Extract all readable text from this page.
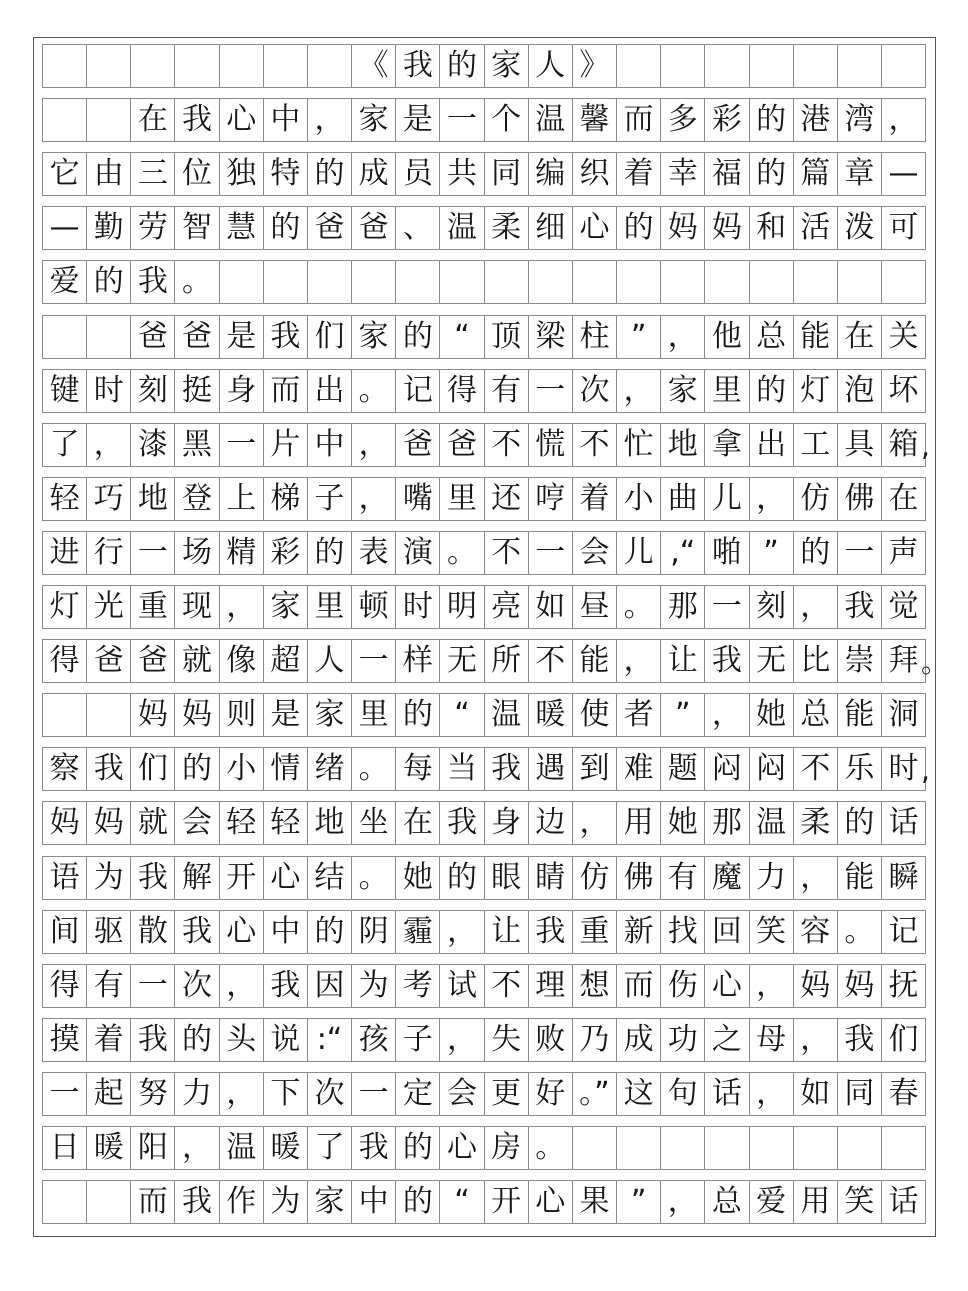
《 我 的 家 人 》
在 我 心 中 ， 家 是 一 个 温 馨 而 多 彩 的 港 湾 ，
它 由 三 位 独 特 的 成 员 共 同 编 织 着 幸 福 的 篇 章 —
— 勤 劳 智 慧 的 爸 爸 、 温 柔 细 心 的 妈 妈 和 活 泼 可
爱 的 我 。
爸 爸 是 我 们 家 的 “ 顶 梁 柱 ” ， 他 总 能 在 关
键 时 刻 挺 身 而 出 。 记 得 有 一 次 ， 家 里 的 灯 泡 坏
了 ， 漆 黑 一 片 中 ， 爸 爸 不 慌 不 忙 地 拿 出 工 具 箱
轻 巧 地 登 上 梯 子 ， 嘴 里 还 哼 着 小 曲 儿 ， 仿 佛 在
进 行 一 场 精 彩 的 表 演 。 不 一 会 儿 ,“ 啪 ” 的 一 声
灯 光 重 现 ， 家 里 顿 时 明 亮 如 昼 。 那 一 刻 ， 我 觉
得 爸 爸 就 像 超 人 一 样 无 所 不 能 ， 让 我 无 比 崇 拜
妈 妈 则 是 家 里 的 “ 温 暖 使 者 ” ， 她 总 能 洞
察 我 们 的 小 情 绪 。 每 当 我 遇 到 难 题 闷 闷 不 乐 时
妈 妈 就 会 轻 轻 地 坐 在 我 身 边 ， 用 她 那 温 柔 的 话
语 为 我 解 开 心 结 。 她 的 眼 睛 仿 佛 有 魔 力 ， 能 瞬
间 驱 散 我 心 中 的 阴 霾 ， 让 我 重 新 找 回 笑 容 。 记
得 有 一 次 ， 我 因 为 考 试 不 理 想 而 伤 心 ， 妈 妈 抚
摸 着 我 的 头 说 :“ 孩 子 ， 失 败 乃 成 功 之 母 ， 我 们
一 起 努 力 ， 下 次 一 定 会 更 好 。” 这 句 话 ， 如 同 春
日 暖 阳 ， 温 暖 了 我 的 心 房 。
而 我 作 为 家 中 的 “ 开 心 果 ” ， 总 爱 用 笑 话
,
。
,
